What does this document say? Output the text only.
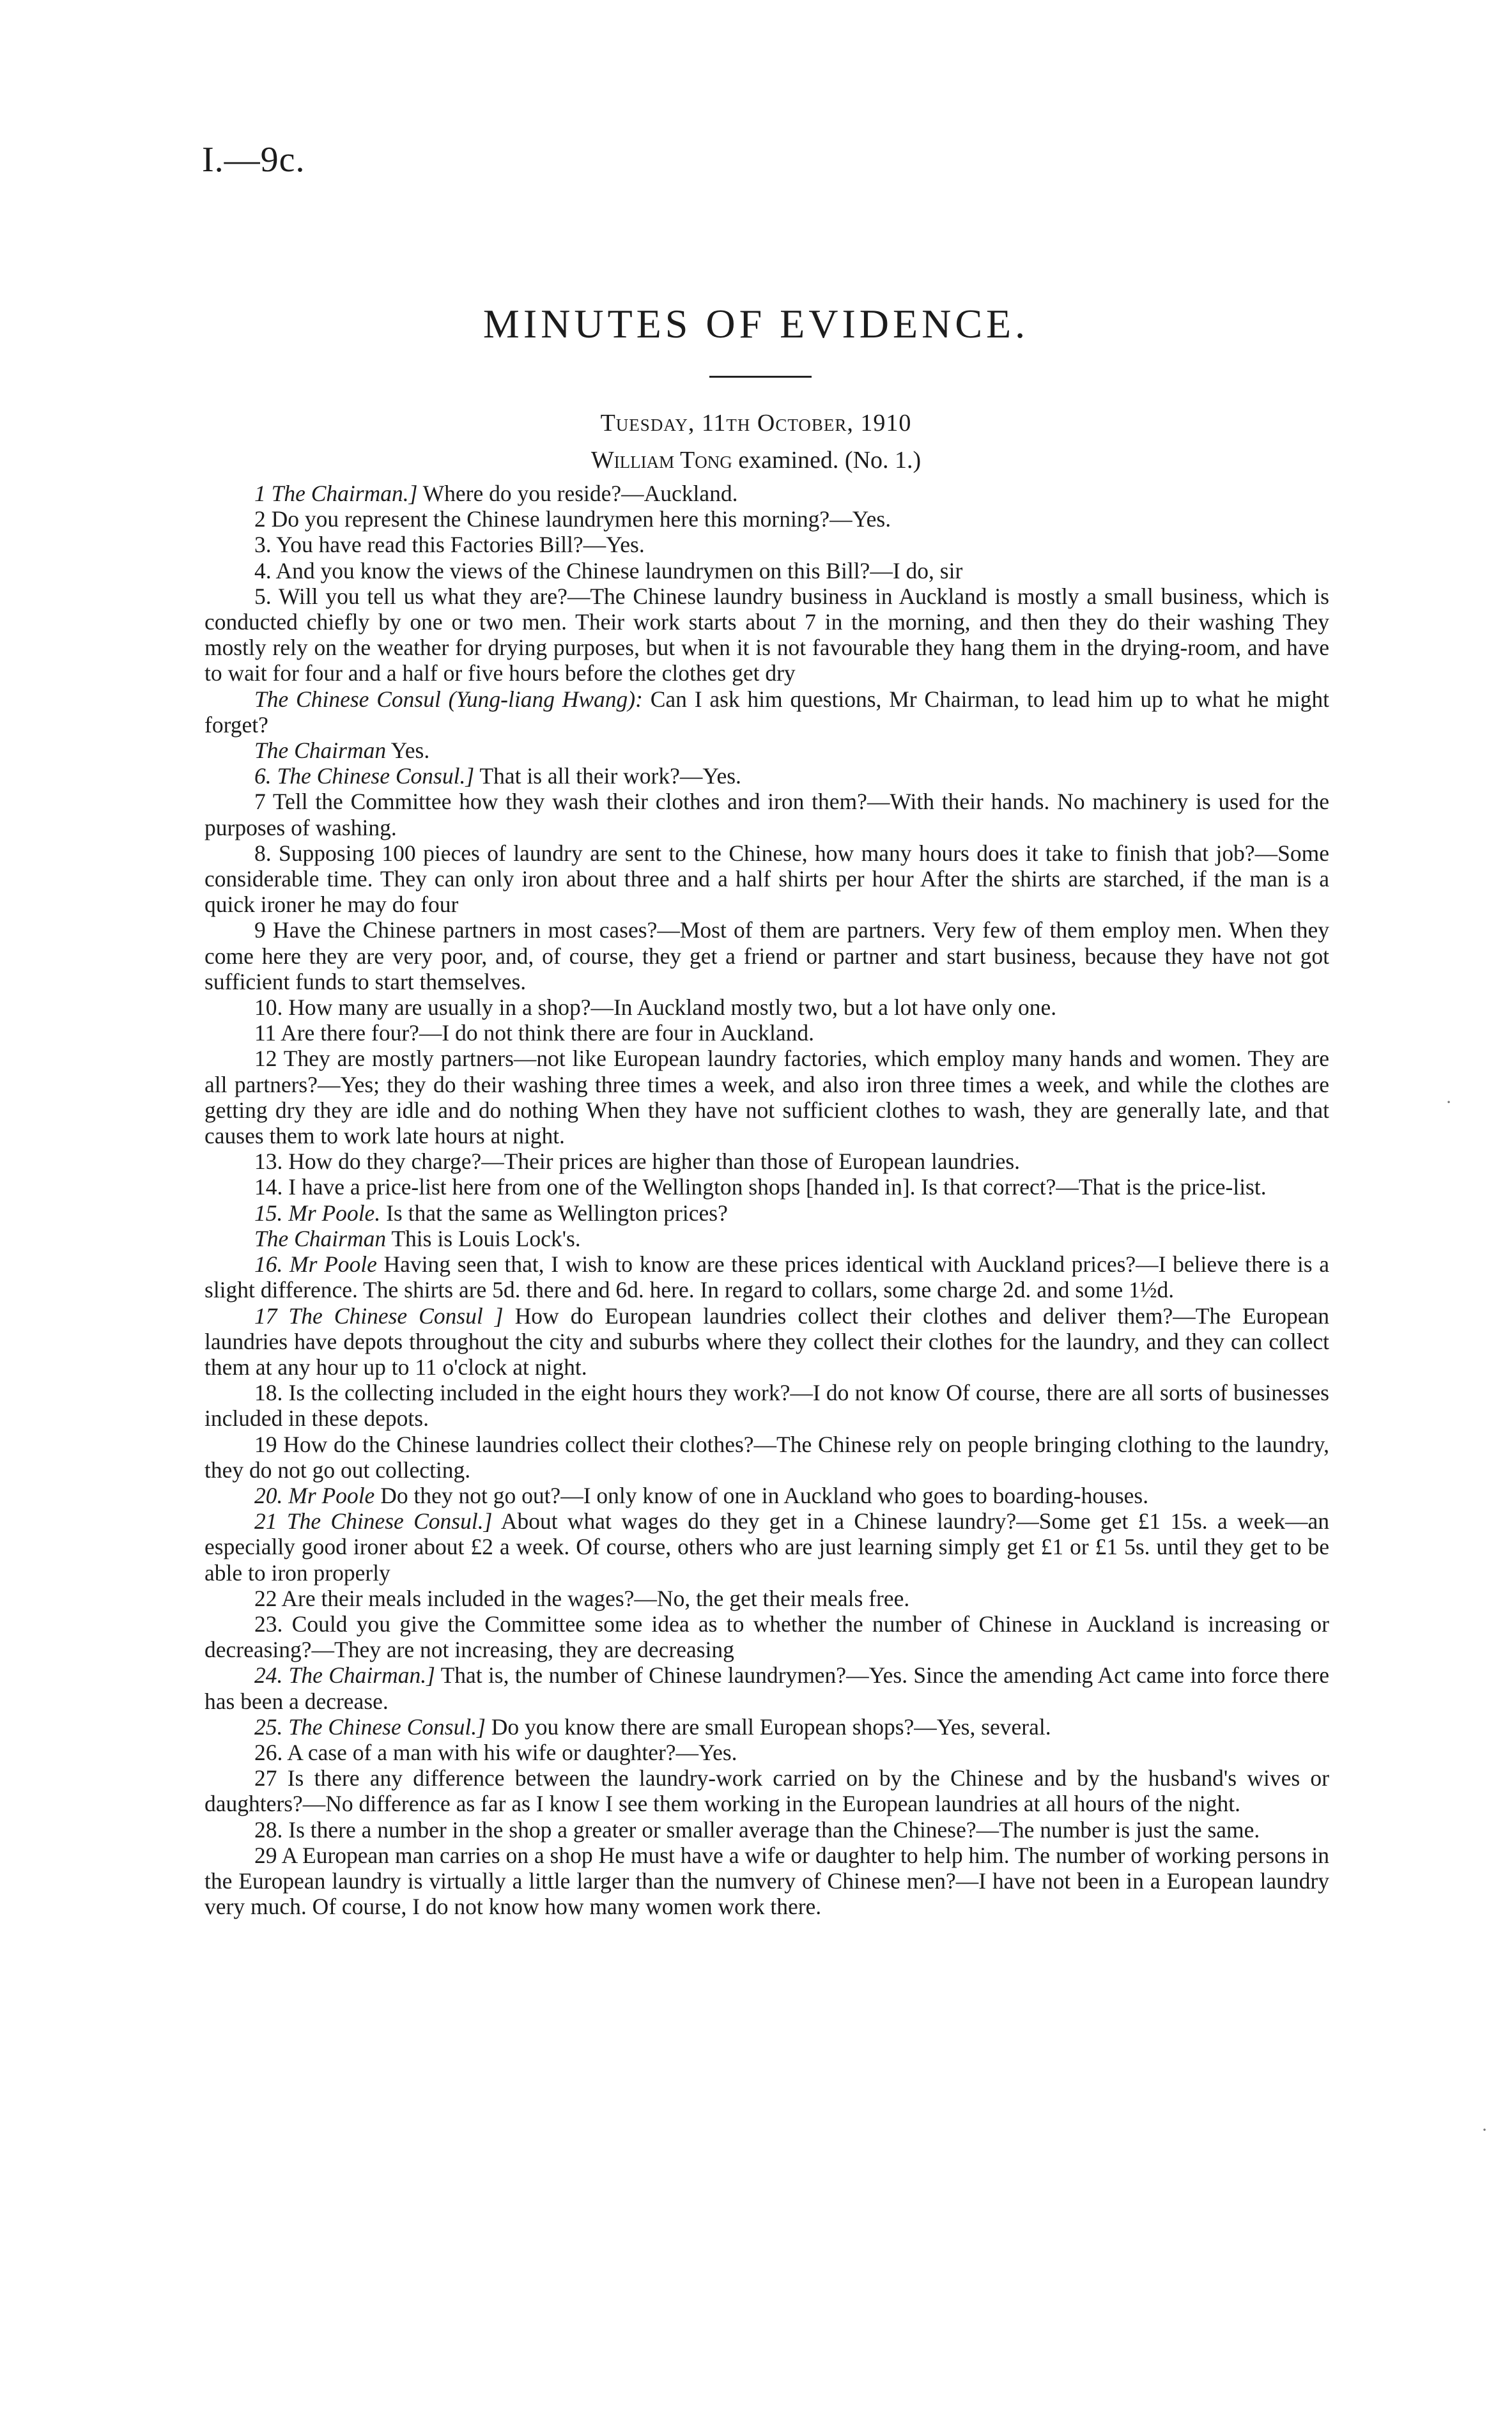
I.—9c.
MINUTES OF EVIDENCE.
Tuesday, 11th October, 1910
William Tong examined. (No. 1.)

1 The Chairman.] Where do you reside?—Auckland.

2 Do you represent the Chinese laundrymen here this morning?—Yes.

3. You have read this Factories Bill?—Yes.

4. And you know the views of the Chinese laundrymen on this Bill?—I do, sir

5. Will you tell us what they are?—The Chinese laundry business in Auckland is mostly a small business, which is conducted chiefly by one or two men. Their work starts about 7 in the morning, and then they do their washing They mostly rely on the weather for drying purposes, but when it is not favourable they hang them in the drying-room, and have to wait for four and a half or five hours before the clothes get dry

The Chinese Consul (Yung-liang Hwang): Can I ask him questions, Mr Chairman, to lead him up to what he might forget?

The Chairman Yes.

6. The Chinese Consul.] That is all their work?—Yes.

7 Tell the Committee how they wash their clothes and iron them?—With their hands. No machinery is used for the purposes of washing.

8. Supposing 100 pieces of laundry are sent to the Chinese, how many hours does it take to finish that job?—Some considerable time. They can only iron about three and a half shirts per hour After the shirts are starched, if the man is a quick ironer he may do four

9 Have the Chinese partners in most cases?—Most of them are partners. Very few of them employ men. When they come here they are very poor, and, of course, they get a friend or partner and start business, because they have not got sufficient funds to start themselves.

10. How many are usually in a shop?—In Auckland mostly two, but a lot have only one.

11 Are there four?—I do not think there are four in Auckland.

12 They are mostly partners—not like European laundry factories, which employ many hands and women. They are all partners?—Yes; they do their washing three times a week, and also iron three times a week, and while the clothes are getting dry they are idle and do nothing When they have not sufficient clothes to wash, they are generally late, and that causes them to work late hours at night.

13. How do they charge?—Their prices are higher than those of European laundries.

14. I have a price-list here from one of the Wellington shops [handed in]. Is that correct?—That is the price-list.

15. Mr Poole. Is that the same as Wellington prices?

The Chairman This is Louis Lock's.

16. Mr Poole Having seen that, I wish to know are these prices identical with Auckland prices?—I believe there is a slight difference. The shirts are 5d. there and 6d. here. In regard to collars, some charge 2d. and some 1½d.

17 The Chinese Consul ] How do European laundries collect their clothes and deliver them?—The European laundries have depots throughout the city and suburbs where they collect their clothes for the laundry, and they can collect them at any hour up to 11 o'clock at night.

18. Is the collecting included in the eight hours they work?—I do not know Of course, there are all sorts of businesses included in these depots.

19 How do the Chinese laundries collect their clothes?—The Chinese rely on people bringing clothing to the laundry, they do not go out collecting.

20. Mr Poole Do they not go out?—I only know of one in Auckland who goes to boarding-houses.

21 The Chinese Consul.] About what wages do they get in a Chinese laundry?—Some get £1 15s. a week—an especially good ironer about £2 a week. Of course, others who are just learning simply get £1 or £1 5s. until they get to be able to iron properly

22 Are their meals included in the wages?—No, the get their meals free.

23. Could you give the Committee some idea as to whether the number of Chinese in Auckland is increasing or decreasing?—They are not increasing, they are decreasing

24. The Chairman.] That is, the number of Chinese laundrymen?—Yes. Since the amending Act came into force there has been a decrease.

25. The Chinese Consul.] Do you know there are small European shops?—Yes, several.

26. A case of a man with his wife or daughter?—Yes.

27 Is there any difference between the laundry-work carried on by the Chinese and by the husband's wives or daughters?—No difference as far as I know I see them working in the European laundries at all hours of the night.

28. Is there a number in the shop a greater or smaller average than the Chinese?—The number is just the same.

29 A European man carries on a shop He must have a wife or daughter to help him. The number of working persons in the European laundry is virtually a little larger than the numvery of Chinese men?—I have not been in a European laundry very much. Of course, I do not know how many women work there.

·
·
